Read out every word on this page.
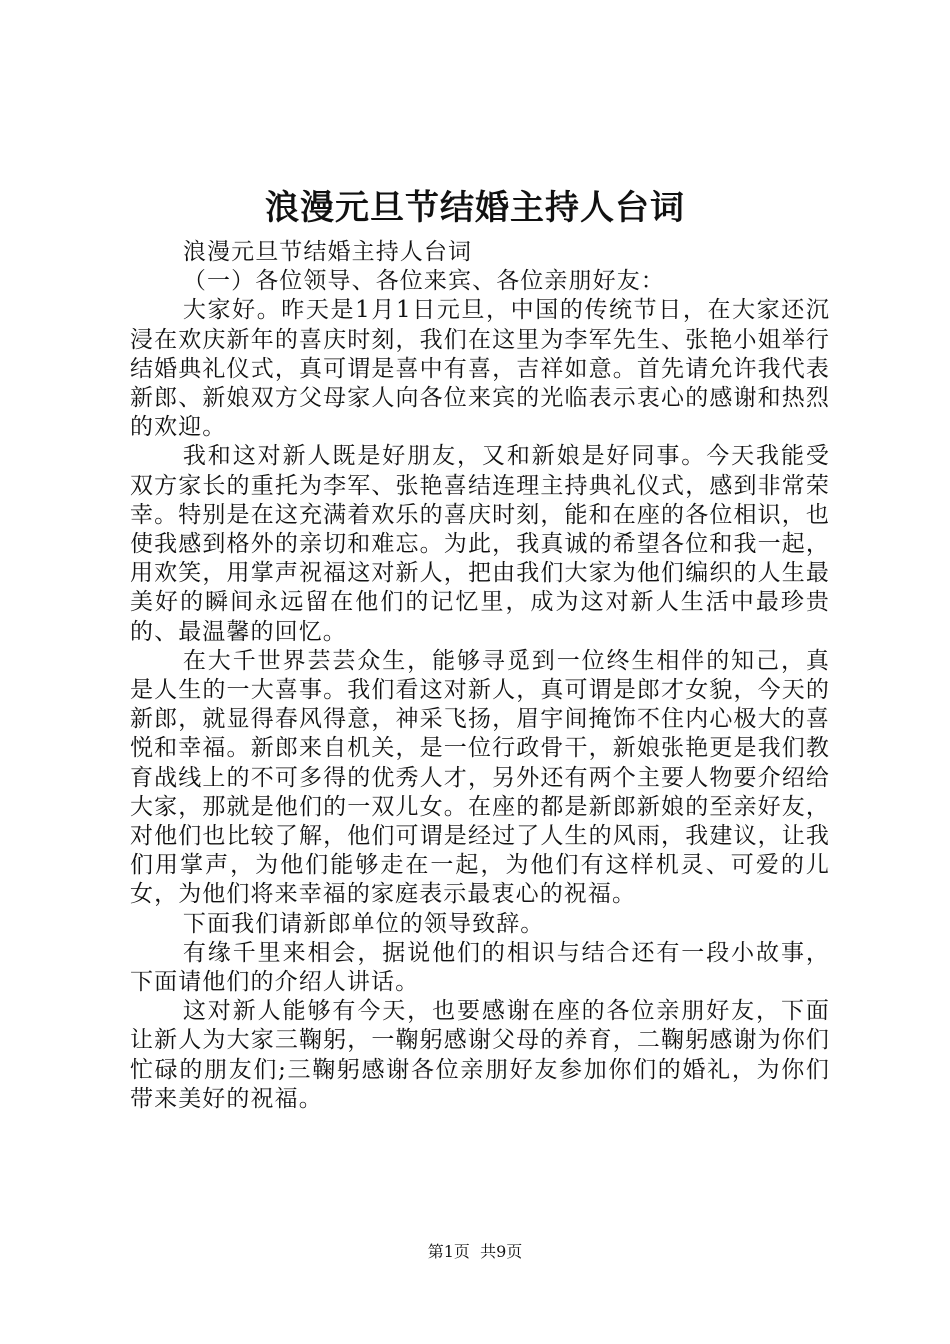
浪漫元旦节结婚主持人台词

浪漫元旦节结婚主持人台词

（一）各位领导、各位来宾、各位亲朋好友：

大家好。昨天是1月1日元旦，中国的传统节日，在大家还沉浸在欢庆新年的喜庆时刻，我们在这里为李军先生、张艳小姐举行结婚典礼仪式，真可谓是喜中有喜，吉祥如意。首先请允许我代表新郎、新娘双方父母家人向各位来宾的光临表示衷心的感谢和热烈的欢迎。

我和这对新人既是好朋友，又和新娘是好同事。今天我能受双方家长的重托为李军、张艳喜结连理主持典礼仪式，感到非常荣幸。特别是在这充满着欢乐的喜庆时刻，能和在座的各位相识，也使我感到格外的亲切和难忘。为此，我真诚的希望各位和我一起，用欢笑，用掌声祝福这对新人，把由我们大家为他们编织的人生最美好的瞬间永远留在他们的记忆里，成为这对新人生活中最珍贵的、最温馨的回忆。

在大千世界芸芸众生，能够寻觅到一位终生相伴的知己，真是人生的一大喜事。我们看这对新人，真可谓是郎才女貌，今天的新郎，就显得春风得意，神采飞扬，眉宇间掩饰不住内心极大的喜悦和幸福。新郎来自机关，是一位行政骨干，新娘张艳更是我们教育战线上的不可多得的优秀人才，另外还有两个主要人物要介绍给大家，那就是他们的一双儿女。在座的都是新郎新娘的至亲好友，对他们也比较了解，他们可谓是经过了人生的风雨，我建议，让我们用掌声，为他们能够走在一起，为他们有这样机灵、可爱的儿女，为他们将来幸福的家庭表示最衷心的祝福。

下面我们请新郎单位的领导致辞。

有缘千里来相会，据说他们的相识与结合还有一段小故事，下面请他们的介绍人讲话。

这对新人能够有今天，也要感谢在座的各位亲朋好友，下面让新人为大家三鞠躬，一鞠躬感谢父母的养育，二鞠躬感谢为你们忙碌的朋友们;三鞠躬感谢各位亲朋好友参加你们的婚礼，为你们带来美好的祝福。

第1页 共9页
